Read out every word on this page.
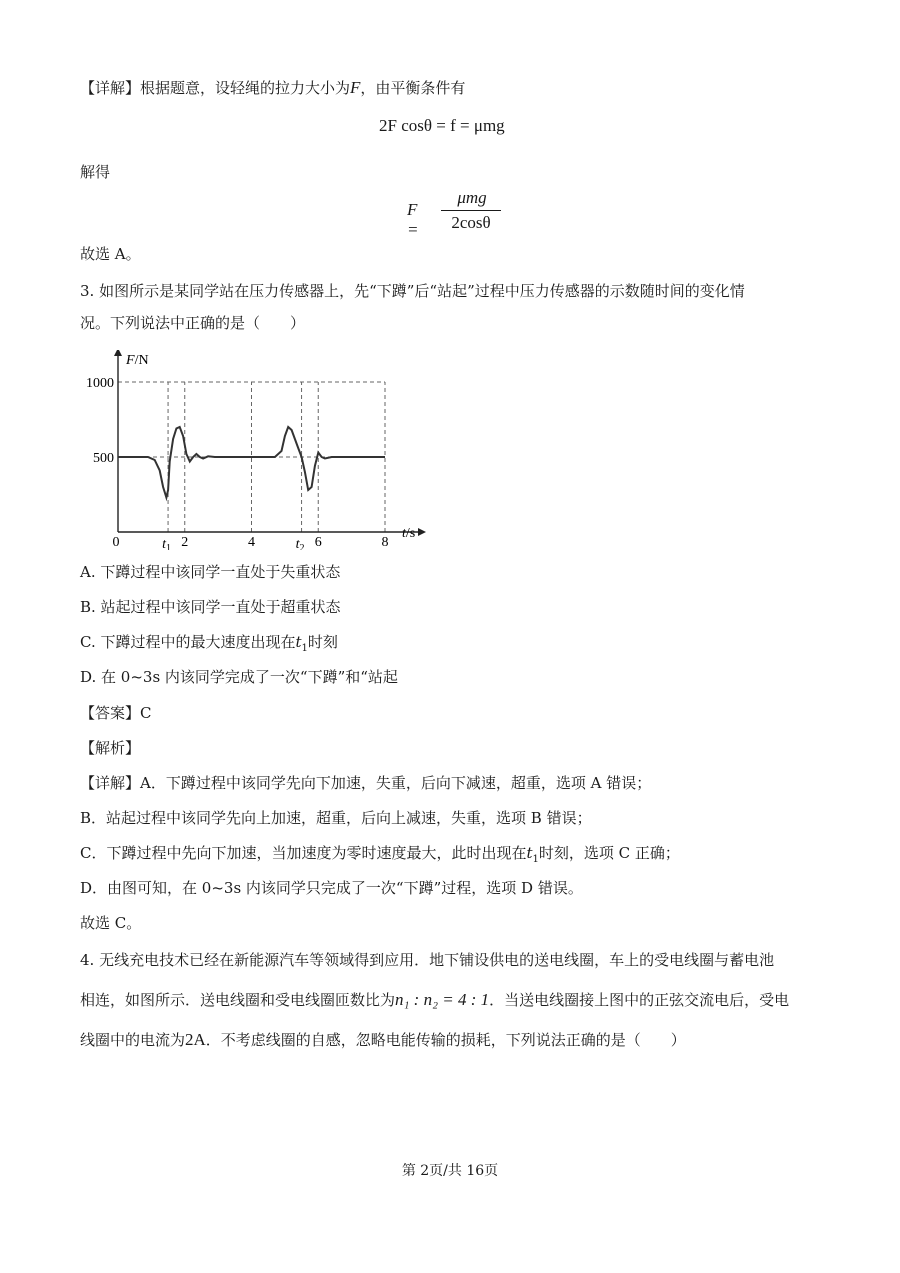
【详解】根据题意，设轻绳的拉力大小为F，由平衡条件有
2F cosθ = f = μmg
解得
F =
μmg
2cosθ
故选 A。
3. 如图所示是某同学站在压力传感器上，先“下蹲”后“站起”过程中压力传感器的示数随时间的变化情
况。下列说法中正确的是（　　）
F/N
t/s
500
1000
0	2	4	6	8
$t_1$	$t_2$
A. 下蹲过程中该同学一直处于失重状态
B. 站起过程中该同学一直处于超重状态
C. 下蹲过程中的最大速度出现在$t_1$时刻
D. 在 0~3s 内该同学完成了一次“下蹲”和“站起
【答案】C
【解析】
【详解】A．下蹲过程中该同学先向下加速，失重，后向下减速，超重，选项 A 错误；
B．站起过程中该同学先向上加速，超重，后向上减速，失重，选项 B 错误；
C．下蹲过程中先向下加速，当加速度为零时速度最大，此时出现在$t_1$时刻，选项 C 正确；
D．由图可知，在 0~3s 内该同学只完成了一次“下蹲”过程，选项 D 错误。
故选 C。
4. 无线充电技术已经在新能源汽车等领域得到应用．地下铺设供电的送电线圈，车上的受电线圈与蓄电池
相连，如图所示．送电线圈和受电线圈匝数比为n₁ : n₂ = 4 : 1．当送电线圈接上图中的正弦交流电后，受电
线圈中的电流为2A．不考虑线圈的自感，忽略电能传输的损耗，下列说法正确的是（　　）
第 2页/共 16页
